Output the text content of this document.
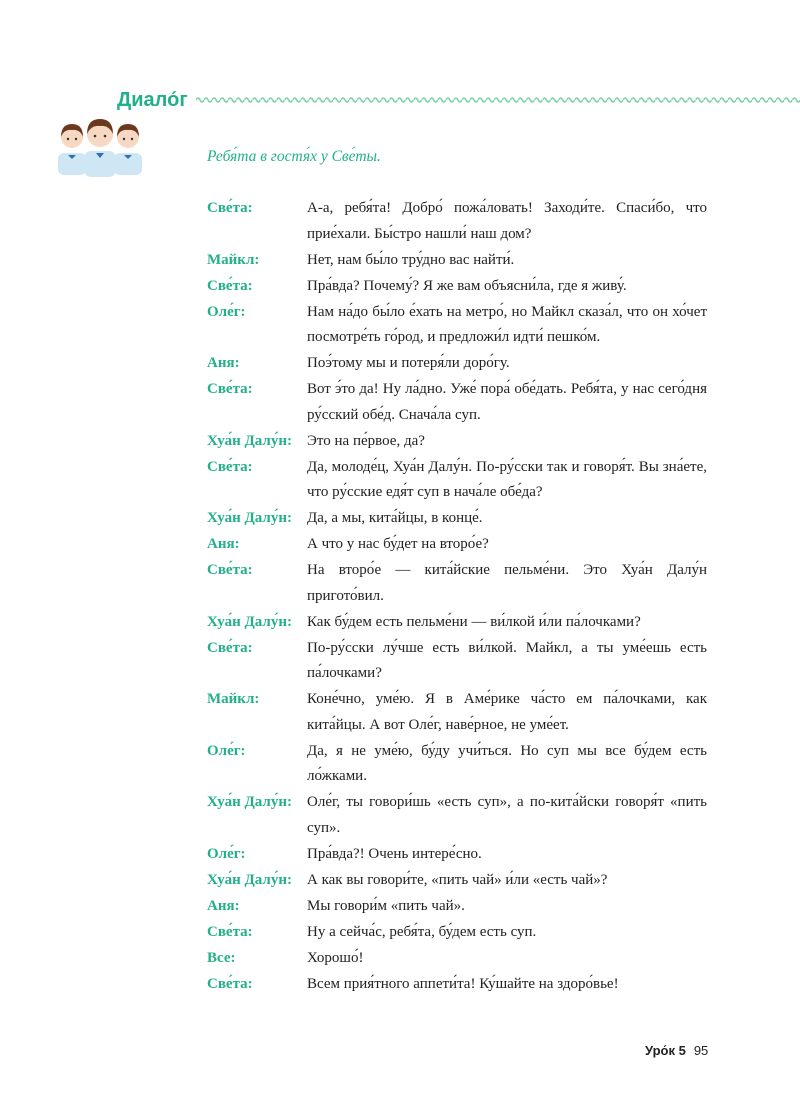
Диало́г
Ребя́та в гостя́х у Све́ты.
Све́та:	А-а, ребя́та! Добро́ пожа́ловать! Заходи́те. Спаси́бо, что прие́хали. Бы́стро нашли́ наш дом?
Майкл:	Нет, нам бы́ло тру́дно вас найти́.
Све́та:	Пра́вда? Почему́? Я же вам объясни́ла, где я живу́.
Оле́г:	Нам на́до бы́ло е́хать на метро́, но Майкл сказа́л, что он хо́чет посмотре́ть го́род, и предложи́л идти́ пешко́м.
Аня:	Поэ́тому мы и потеря́ли доро́гу.
Све́та:	Вот э́то да! Ну ла́дно. Уже́ пора́ обе́дать. Ребя́та, у нас сего́дня ру́сский обе́д. Снача́ла суп.
Хуа́н Далу́н:	Это на пе́рвое, да?
Све́та:	Да, молоде́ц, Хуа́н Далу́н. По-ру́сски так и говоря́т. Вы зна́ете, что ру́сские едя́т суп в нача́ле обе́да?
Хуа́н Далу́н:	Да, а мы, кита́йцы, в конце́.
Аня:	А что у нас бу́дет на второ́е?
Све́та:	На второ́е — кита́йские пельме́ни. Это Хуа́н Далу́н пригото́вил.
Хуа́н Далу́н:	Как бу́дем есть пельме́ни — ви́лкой и́ли па́лочками?
Све́та:	По-ру́сски лу́чше есть ви́лкой. Майкл, а ты уме́ешь есть па́лочками?
Майкл:	Коне́чно, уме́ю. Я в Аме́рике ча́сто ем па́лочками, как кита́йцы. А вот Оле́г, наве́рное, не уме́ет.
Оле́г:	Да, я не уме́ю, бу́ду учи́ться. Но суп мы все бу́дем есть ло́жками.
Хуа́н Далу́н:	Оле́г, ты говори́шь «есть суп», а по-кита́йски говоря́т «пить суп».
Оле́г:	Пра́вда?! Очень интере́сно.
Хуа́н Далу́н:	А как вы говори́те, «пить чай» и́ли «есть чай»?
Аня:	Мы говори́м «пить чай».
Све́та:	Ну а сейча́с, ребя́та, бу́дем есть суп.
Все:	Хорошо́!
Све́та:	Всем прия́тного аппети́та! Ку́шайте на здоро́вье!
Уро́к 5 95
